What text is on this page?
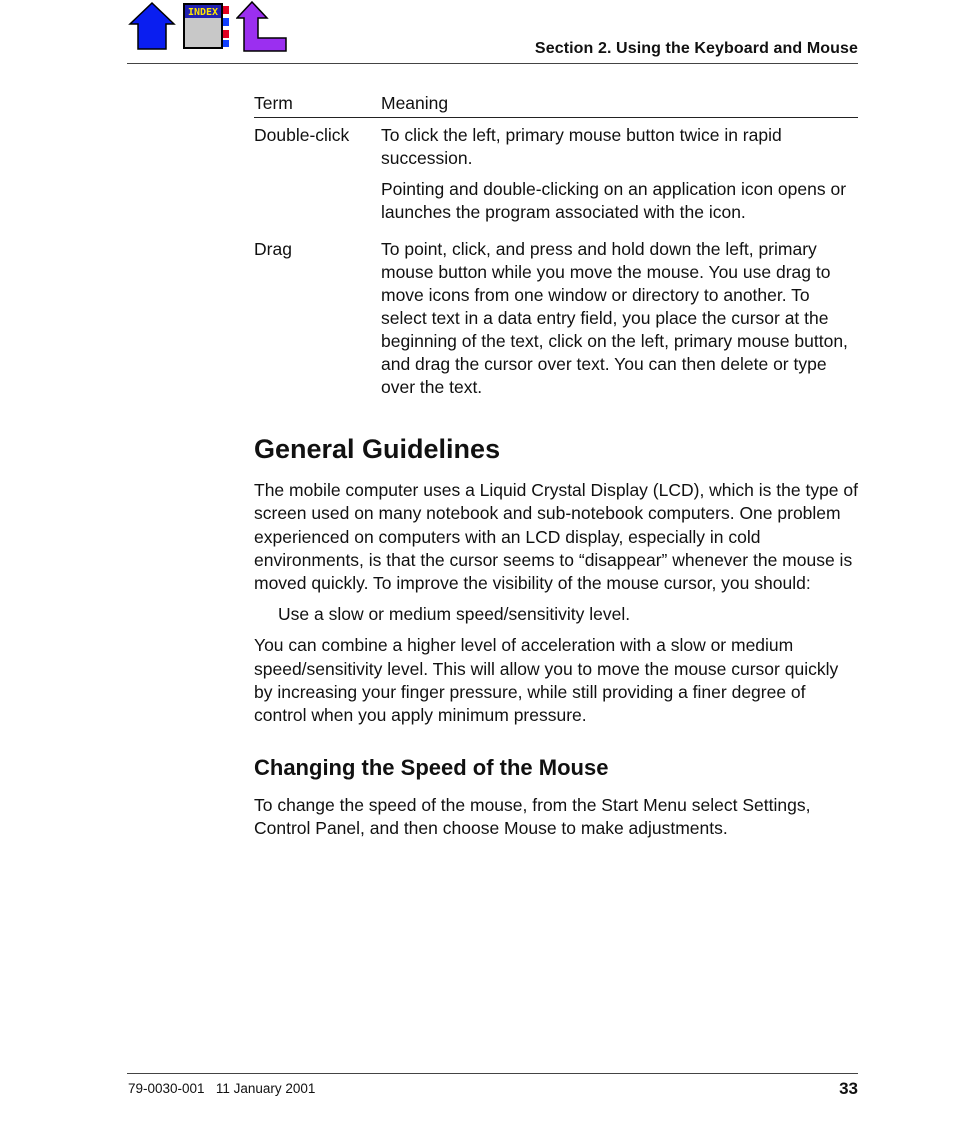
INDEX
Section 2. Using the Keyboard and Mouse
Term	Meaning
Double-click	To click the left, primary mouse button twice in rapid succession.

Pointing and double-clicking on an application icon opens or launches the program associated with the icon.

Drag	To point, click, and press and hold down the left, primary mouse button while you move the mouse. You use drag to move icons from one window or directory to another. To select text in a data entry field, you place the cursor at the beginning of the text, click on the left, primary mouse button, and drag the cursor over text. You can then delete or type over the text.

General Guidelines

The mobile computer uses a Liquid Crystal Display (LCD), which is the type of screen used on many notebook and sub-notebook computers. One problem experienced on computers with an LCD display, especially in cold environments, is that the cursor seems to “disappear” whenever the mouse is moved quickly. To improve the visibility of the mouse cursor, you should:

Use a slow or medium speed/sensitivity level.

You can combine a higher level of acceleration with a slow or medium speed/sensitivity level. This will allow you to move the mouse cursor quickly by increasing your finger pressure, while still providing a finer degree of control when you apply minimum pressure.

Changing the Speed of the Mouse

To change the speed of the mouse, from the Start Menu select Settings, Control Panel, and then choose Mouse to make adjustments.

79-0030-001   11 January 2001	33
